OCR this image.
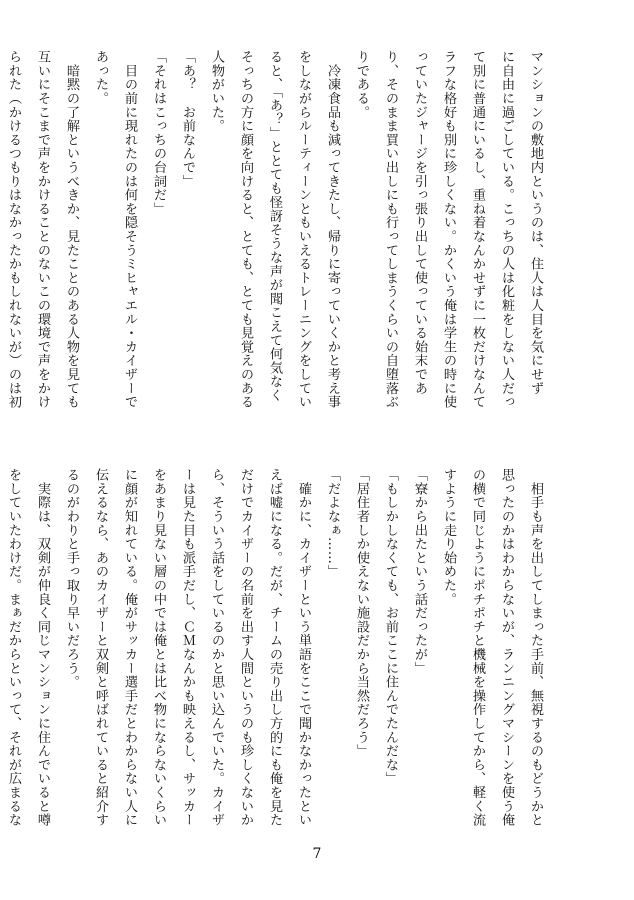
マンションの敷地内というのは、住人は人目を気にせず
に自由に過ごしている。こっちの人は化粧をしない人だっ
て別に普通にいるし、重ね着なんかせずに一枚だけなんて
ラフな格好も別に珍しくない。かくいう俺は学生の時に使
っていたジャージを引っ張り出して使っている始末であ
り、そのまま買い出しにも行ってしまうくらいの自堕落ぶ
りである。
　冷凍食品も減ってきたし、帰りに寄っていくかと考え事
をしながらルーティーンともいえるトレーニングをしてい
ると、「あ？」ととても怪訝そうな声が聞こえて何気なく
そっちの方に顔を向けると、とても、とても見覚えのある
人物がいた。
「あ？　お前なんで」
「それはこっちの台詞だ」
　目の前に現れたのは何を隠そうミヒャエル・カイザーで
あった。
　暗黙の了解というべきか、見たことのある人物を見ても
互いにそこまで声をかけることのないこの環境で声をかけ
られた（かけるつもりはなかったかもしれないが）のは初

　相手も声を出してしまった手前、無視するのもどうかと
思ったのかはわからないが、ランニングマシーンを使う俺
の横で同じようにポチポチと機械を操作してから、軽く流
すように走り始めた。
「寮から出たという話だったが」
「もしかしなくても、お前ここに住んでたんだな」
「居住者しか使えない施設だから当然だろう」
「だよなぁ……」
　確かに、カイザーという単語をここで聞かなかったとい
えば嘘になる。だが、チームの売り出し方的にも俺を見た
だけでカイザーの名前を出す人間というのも珍しくないか
ら、そういう話をしているのかと思い込んでいた。カイザ
ーは見た目も派手だし、ＣＭなんかも映えるし、サッカー
をあまり見ない層の中では俺とは比べ物にならないくらい
に顔が知れている。俺がサッカー選手だとわからない人に
伝えるなら、あのカイザーと双剣と呼ばれていると紹介す
るのがわりと手っ取り早いだろう。
　実際は、双剣が仲良く同じマンションに住んでいると噂
をしていたわけだ。まぁだからといって、それが広まるな

7
